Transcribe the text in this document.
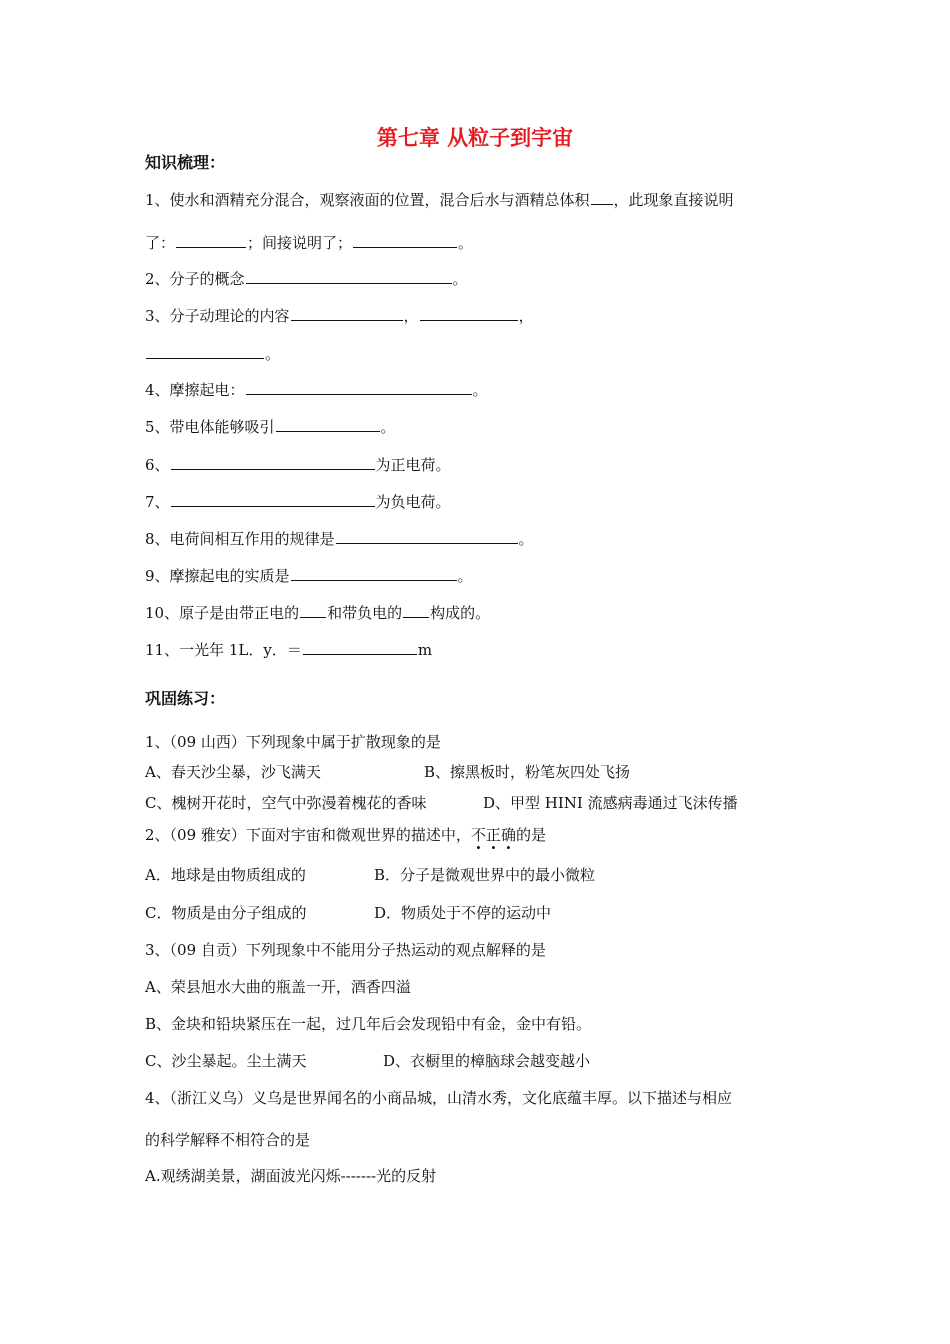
第七章 从粒子到宇宙
知识梳理：
1、使水和酒精充分混合，观察液面的位置，混合后水与酒精总体积 ，此现象直接说明
了：	；间接说明了；	。
2、分子的概念	。
3、分子动理论的内容	，	，
。
4、摩擦起电：	。
5、带电体能够吸引	。
6、	为正电荷。
7、	为负电荷。
8、电荷间相互作用的规律是	。
9、摩擦起电的实质是	。
10、原子是由带正电的 和带负电的 构成的。
11、一光年 1L．y．＝	m
巩固练习：
1、（09 山西）下列现象中属于扩散现象的是
A、春天沙尘暴，沙飞满天	B、擦黑板时，粉笔灰四处飞扬
C、槐树开花时，空气中弥漫着槐花的香味	D、甲型 HINI 流感病毒通过飞沫传播
2、（09 雅安）下面对宇宙和微观世界的描述中，不正确的是
A．地球是由物质组成的	B．分子是微观世界中的最小微粒
C．物质是由分子组成的	D．物质处于不停的运动中
3、（09 自贡）下列现象中不能用分子热运动的观点解释的是
A、荣县旭水大曲的瓶盖一开，酒香四溢
B、金块和铅块紧压在一起，过几年后会发现铅中有金，金中有铅。
C、沙尘暴起。尘土满天	D、衣橱里的樟脑球会越变越小
4、（浙江义乌）义乌是世界闻名的小商品城，山清水秀，文化底蕴丰厚。以下描述与相应
的科学解释不相符合的是
A.观绣湖美景，湖面波光闪烁-------光的反射
